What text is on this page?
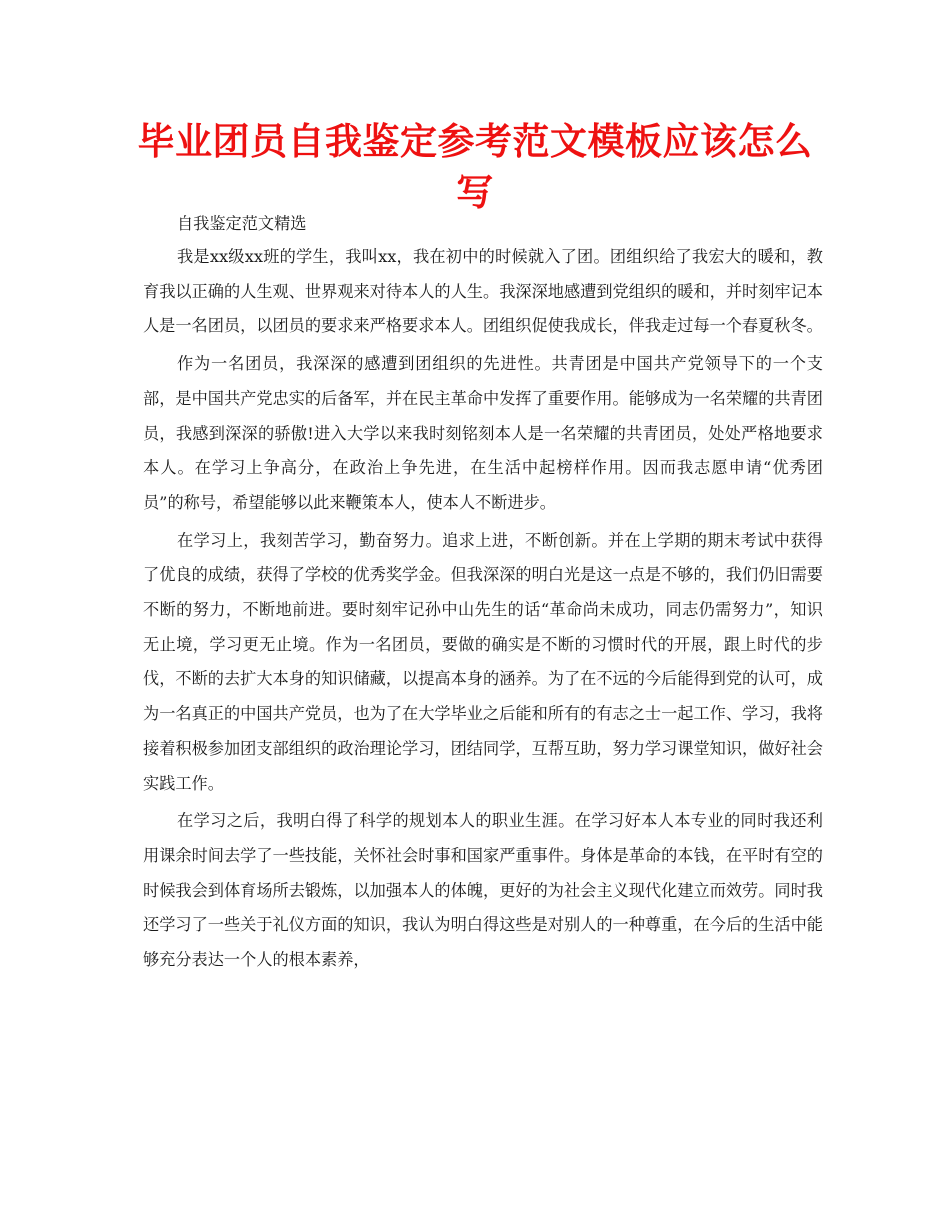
毕业团员自我鉴定参考范文模板应该怎么写

自我鉴定范文精选

我是xx级xx班的学生，我叫xx，我在初中的时候就入了团。团组织给了我宏大的暖和，教育我以正确的人生观、世界观来对待本人的人生。我深深地感遭到党组织的暖和，并时刻牢记本人是一名团员，以团员的要求来严格要求本人。团组织促使我成长，伴我走过每一个春夏秋冬。

作为一名团员，我深深的感遭到团组织的先进性。共青团是中国共产党领导下的一个支部，是中国共产党忠实的后备军，并在民主革命中发挥了重要作用。能够成为一名荣耀的共青团员，我感到深深的骄傲!进入大学以来我时刻铭刻本人是一名荣耀的共青团员，处处严格地要求本人。在学习上争高分，在政治上争先进，在生活中起榜样作用。因而我志愿申请“优秀团员”的称号，希望能够以此来鞭策本人，使本人不断进步。

在学习上，我刻苦学习，勤奋努力。追求上进，不断创新。并在上学期的期末考试中获得了优良的成绩，获得了学校的优秀奖学金。但我深深的明白光是这一点是不够的，我们仍旧需要不断的努力，不断地前进。要时刻牢记孙中山先生的话“革命尚未成功，同志仍需努力”，知识无止境，学习更无止境。作为一名团员，要做的确实是不断的习惯时代的开展，跟上时代的步伐，不断的去扩大本身的知识储藏，以提高本身的涵养。为了在不远的今后能得到党的认可，成为一名真正的中国共产党员，也为了在大学毕业之后能和所有的有志之士一起工作、学习，我将接着积极参加团支部组织的政治理论学习，团结同学，互帮互助，努力学习课堂知识，做好社会实践工作。

在学习之后，我明白得了科学的规划本人的职业生涯。在学习好本人本专业的同时我还利用课余时间去学了一些技能，关怀社会时事和国家严重事件。身体是革命的本钱，在平时有空的时候我会到体育场所去锻炼，以加强本人的体魄，更好的为社会主义现代化建立而效劳。同时我还学习了一些关于礼仪方面的知识，我认为明白得这些是对别人的一种尊重，在今后的生活中能够充分表达一个人的根本素养，
